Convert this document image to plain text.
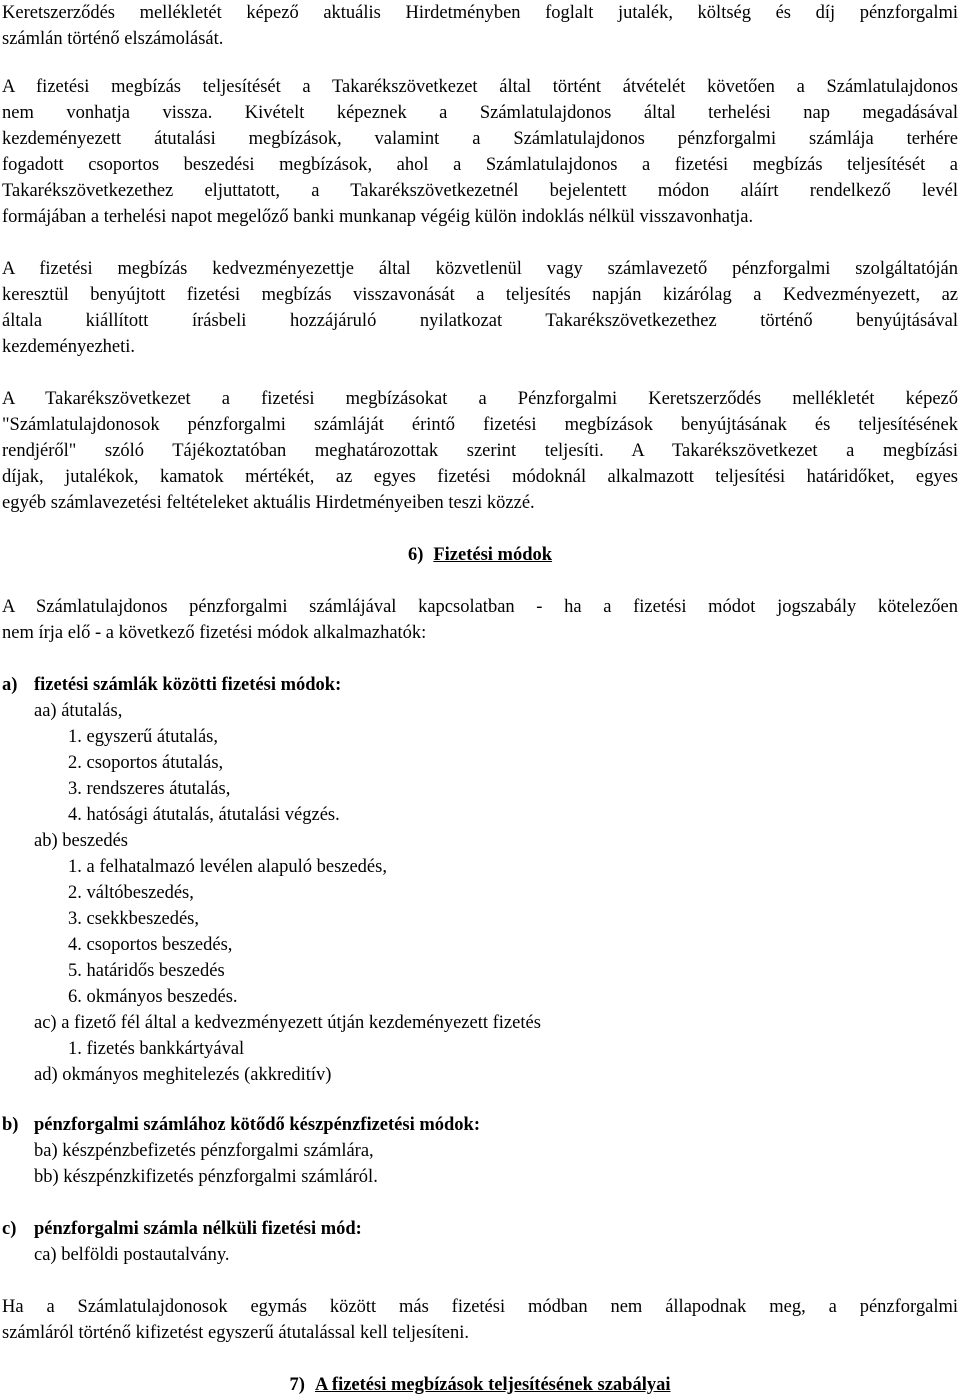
Keretszerződés mellékletét képező aktuális Hirdetményben foglalt jutalék, költség és díj pénzforgalmi
számlán történő elszámolását.
A fizetési megbízás teljesítését a Takarékszövetkezet által történt átvételét követően a Számlatulajdonos
nem vonhatja vissza. Kivételt képeznek a Számlatulajdonos által terhelési nap megadásával
kezdeményezett átutalási megbízások, valamint a Számlatulajdonos pénzforgalmi számlája terhére
fogadott csoportos beszedési megbízások, ahol a Számlatulajdonos a fizetési megbízás teljesítését a
Takarékszövetkezethez eljuttatott, a Takarékszövetkezetnél bejelentett módon aláírt rendelkező levél
formájában a terhelési napot megelőző banki munkanap végéig külön indoklás nélkül visszavonhatja.
A fizetési megbízás kedvezményezettje által közvetlenül vagy számlavezető pénzforgalmi szolgáltatóján
keresztül benyújtott fizetési megbízás visszavonását a teljesítés napján kizárólag a Kedvezményezett, az
általa kiállított írásbeli hozzájáruló nyilatkozat Takarékszövetkezethez történő benyújtásával
kezdeményezheti.
A Takarékszövetkezet a fizetési megbízásokat a Pénzforgalmi Keretszerződés mellékletét képező
"Számlatulajdonosok pénzforgalmi számláját érintő fizetési megbízások benyújtásának és teljesítésének
rendjéről" szóló Tájékoztatóban meghatározottak szerint teljesíti. A Takarékszövetkezet a megbízási
díjak, jutalékok, kamatok mértékét, az egyes fizetési módoknál alkalmazott teljesítési határidőket, egyes
egyéb számlavezetési feltételeket aktuális Hirdetményeiben teszi közzé.
6) Fizetési módok
A Számlatulajdonos pénzforgalmi számlájával kapcsolatban - ha a fizetési módot jogszabály kötelezően
nem írja elő - a következő fizetési módok alkalmazhatók:
a) fizetési számlák közötti fizetési módok:
aa) átutalás,
1. egyszerű átutalás,
2. csoportos átutalás,
3. rendszeres átutalás,
4. hatósági átutalás, átutalási végzés.
ab) beszedés
1. a felhatalmazó levélen alapuló beszedés,
2. váltóbeszedés,
3. csekkbeszedés,
4. csoportos beszedés,
5. határidős beszedés
6. okmányos beszedés.
ac) a fizető fél által a kedvezményezett útján kezdeményezett fizetés
1. fizetés bankkártyával
ad) okmányos meghitelezés (akkreditív)
b) pénzforgalmi számlához kötődő készpénzfizetési módok:
ba) készpénzbefizetés pénzforgalmi számlára,
bb) készpénzkifizetés pénzforgalmi számláról.
c) pénzforgalmi számla nélküli fizetési mód:
ca) belföldi postautalvány.
Ha a Számlatulajdonosok egymás között más fizetési módban nem állapodnak meg, a pénzforgalmi
számláról történő kifizetést egyszerű átutalással kell teljesíteni.
7) A fizetési megbízások teljesítésének szabályai
